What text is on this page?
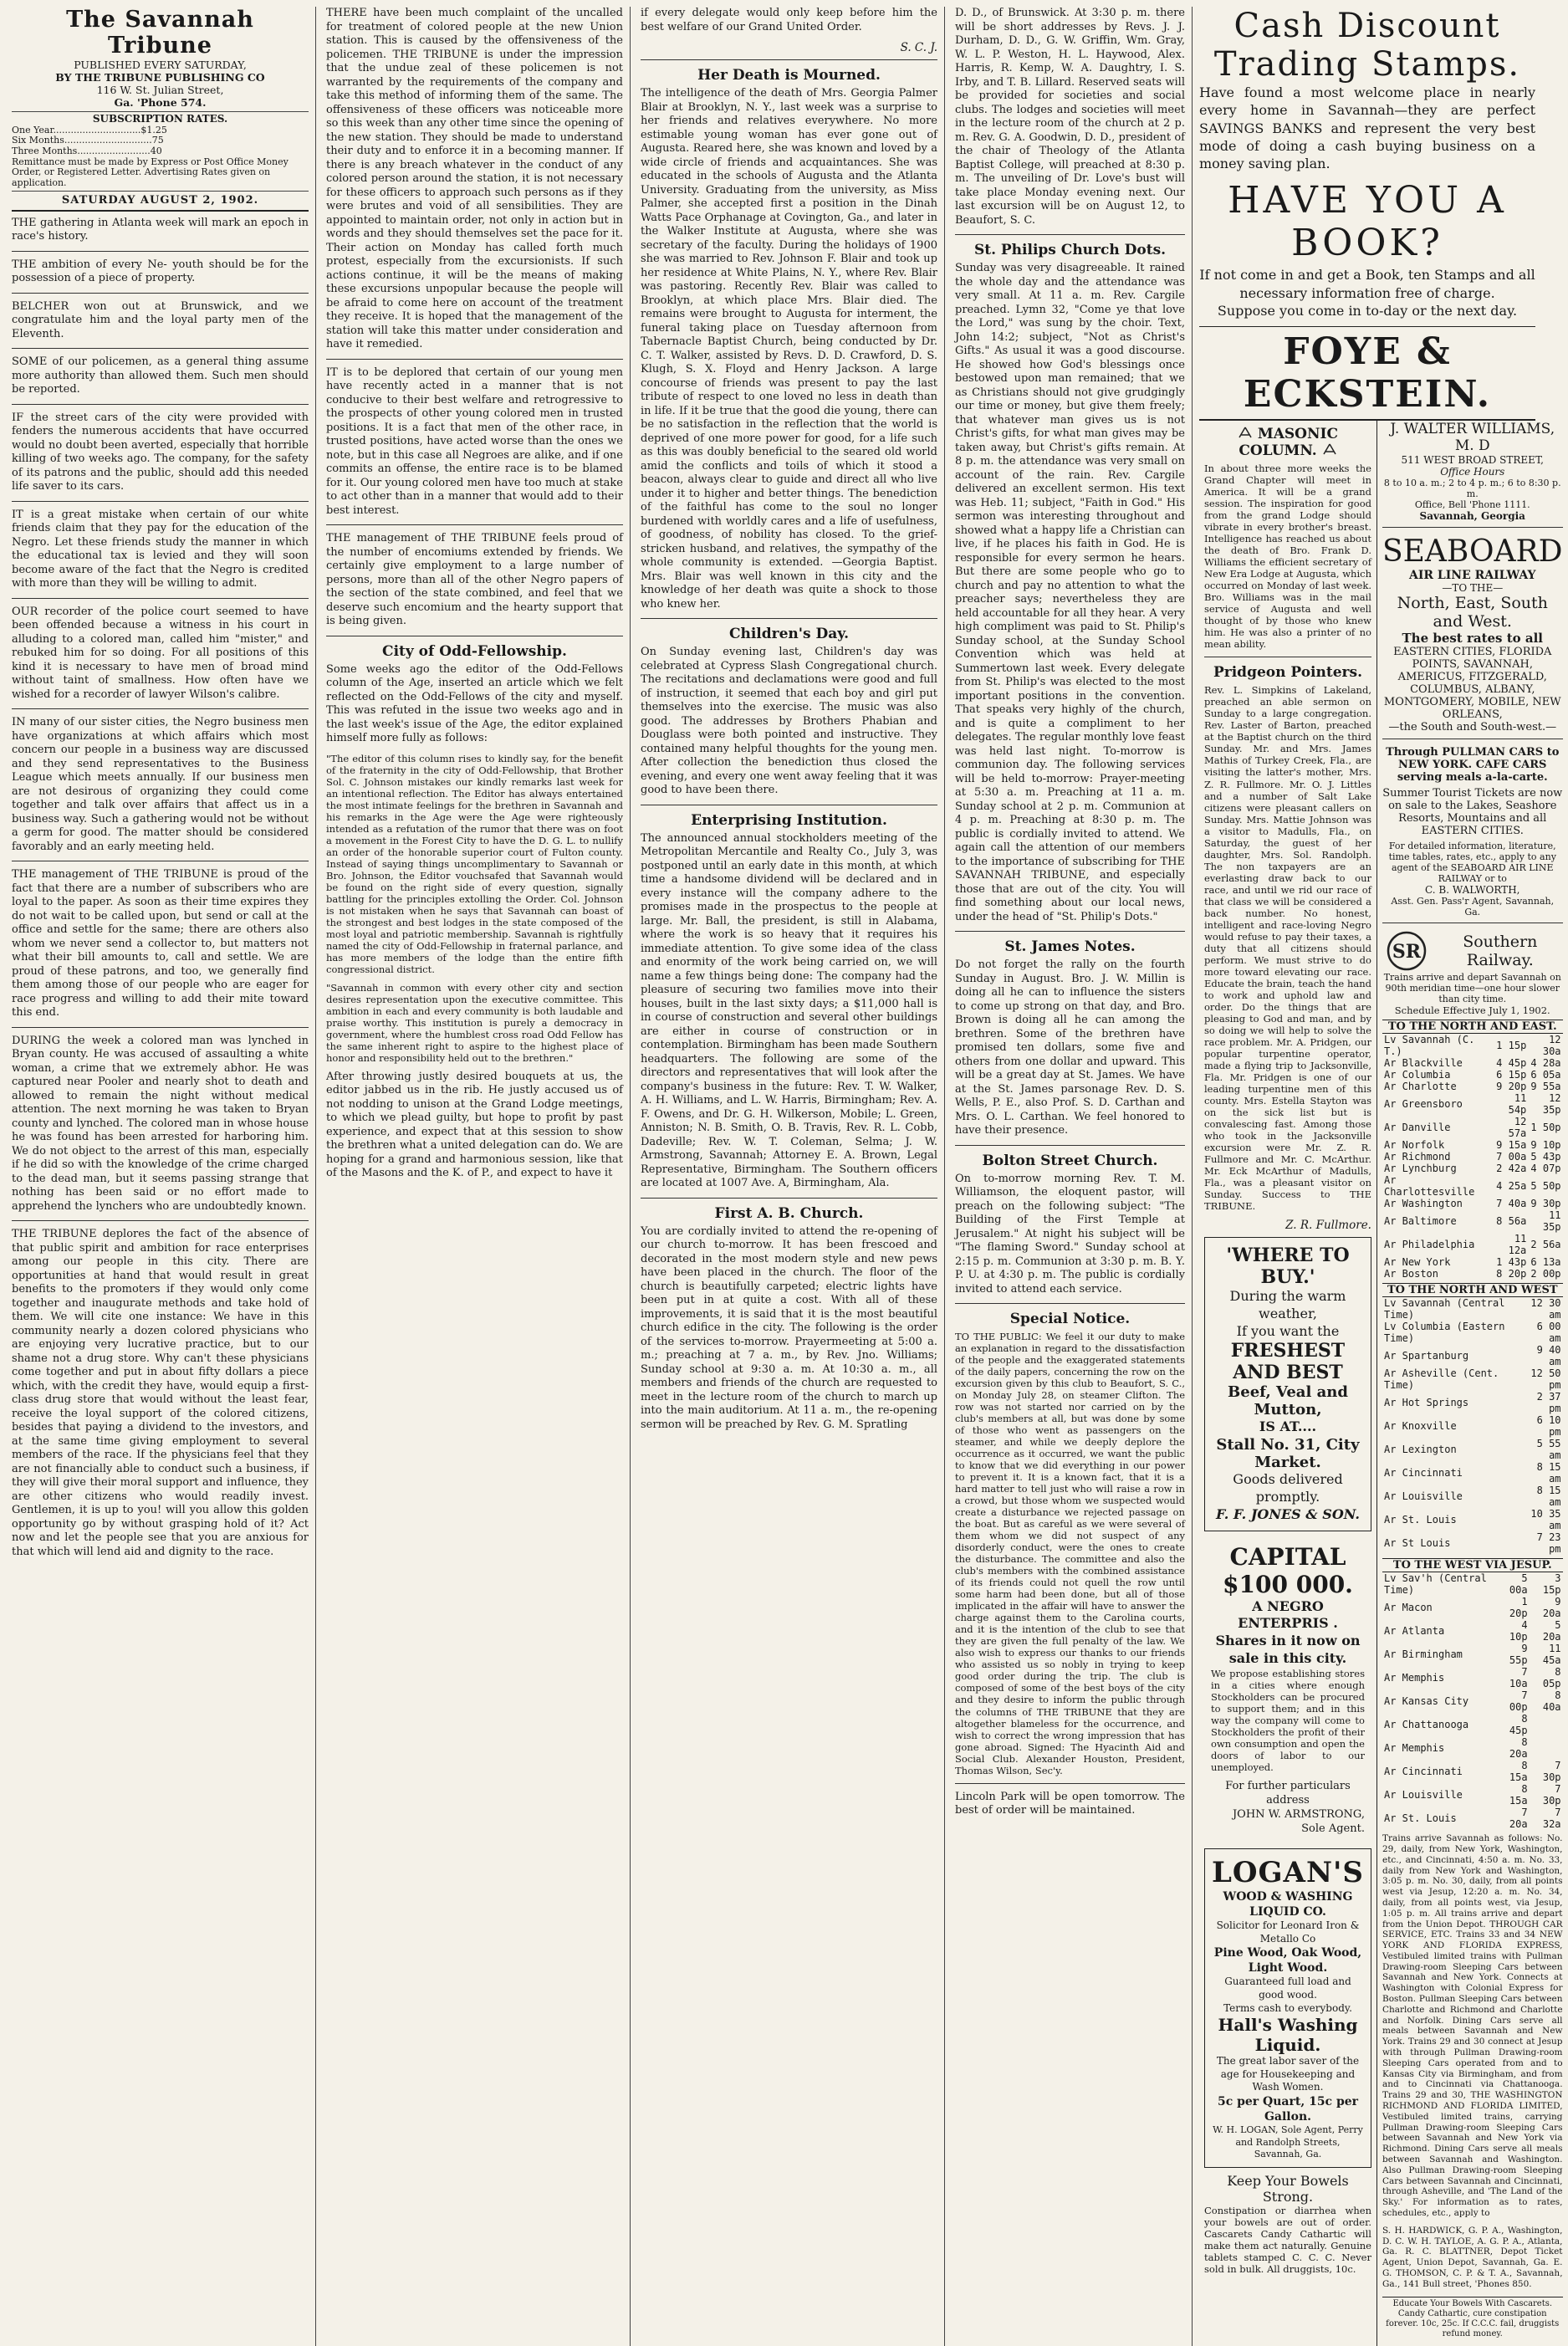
The Savannah Tribune
PUBLISHED EVERY SATURDAY,
BY THE TRIBUNE PUBLISHING CO
116 W. St. Julian Street,
Ga. 'Phone 574.
SUBSCRIPTION RATES.
One Year..............................$1.25
Six Months..............................75
Three Months.........................40
Remittance must be made by Express or Post Office Money Order, or Registered Letter. Advertising Rates given on application.
SATURDAY AUGUST 2, 1902.

THE gathering in Atlanta week will mark an epoch in race's history.

THE ambition of every Ne- youth should be for the possession of a piece of property.

BELCHER won out at Brunswick, and we congratulate him and the loyal party men of the Eleventh.

SOME of our policemen, as a general thing assume more authority than allowed them. Such men should be reported.

IF the street cars of the city were provided with fenders the numerous accidents that have occurred would no doubt been averted, especially that horrible killing of two weeks ago. The company, for the safety of its patrons and the public, should add this needed life saver to its cars.

IT is a great mistake when certain of our white friends claim that they pay for the education of the Negro. Let these friends study the manner in which the educational tax is levied and they will soon become aware of the fact that the Negro is credited with more than they will be willing to admit.

OUR recorder of the police court seemed to have been offended because a witness in his court in alluding to a colored man, called him "mister," and rebuked him for so doing. For all positions of this kind it is necessary to have men of broad mind without taint of smallness. How often have we wished for a recorder of lawyer Wilson's calibre.

IN many of our sister cities, the Negro business men have organizations at which affairs which most concern our people in a business way are discussed and they send representatives to the Business League which meets annually. If our business men are not desirous of organizing they could come together and talk over affairs that affect us in a business way. Such a gathering would not be without a germ for good. The matter should be considered favorably and an early meeting held.

THE management of THE TRIBUNE is proud of the fact that there are a number of subscribers who are loyal to the paper. As soon as their time expires they do not wait to be called upon, but send or call at the office and settle for the same; there are others also whom we never send a collector to, but matters not what their bill amounts to, call and settle. We are proud of these patrons, and too, we generally find them among those of our people who are eager for race progress and willing to add their mite toward this end.

DURING the week a colored man was lynched in Bryan county. He was accused of assaulting a white woman, a crime that we extremely abhor. He was captured near Pooler and nearly shot to death and allowed to remain the night without medical attention. The next morning he was taken to Bryan county and lynched. The colored man in whose house he was found has been arrested for harboring him. We do not object to the arrest of this man, especially if he did so with the knowledge of the crime charged to the dead man, but it seems passing strange that nothing has been said or no effort made to apprehend the lynchers who are undoubtedly known.

THE TRIBUNE deplores the fact of the absence of that public spirit and ambition for race enterprises among our people in this city. There are opportunities at hand that would result in great benefits to the promoters if they would only come together and inaugurate methods and take hold of them. We will cite one instance: We have in this community nearly a dozen colored physicians who are enjoying very lucrative practice, but to our shame not a drug store. Why can't these physicians come together and put in about fifty dollars a piece which, with the credit they have, would equip a first-class drug store that would without the least fear, receive the loyal support of the colored citizens, besides that paying a dividend to the investors, and at the same time giving employment to several members of the race. If the physicians feel that they are not financially able to conduct such a business, if they will give their moral support and influence, they are other citizens who would readily invest. Gentlemen, it is up to you! will you allow this golden opportunity go by without grasping hold of it? Act now and let the people see that you are anxious for that which will lend aid and dignity to the race.

THERE have been much complaint of the uncalled for treatment of colored people at the new Union station. This is caused by the offensiveness of the policemen. THE TRIBUNE is under the impression that the undue zeal of these policemen is not warranted by the requirements of the company and take this method of informing them of the same. The offensiveness of these officers was noticeable more so this week than any other time since the opening of the new station. They should be made to understand their duty and to enforce it in a becoming manner. If there is any breach whatever in the conduct of any colored person around the station, it is not necessary for these officers to approach such persons as if they were brutes and void of all sensibilities. They are appointed to maintain order, not only in action but in words and they should themselves set the pace for it. Their action on Monday has called forth much protest, especially from the excursionists. If such actions continue, it will be the means of making these excursions unpopular because the people will be afraid to come here on account of the treatment they receive. It is hoped that the management of the station will take this matter under consideration and have it remedied.

IT is to be deplored that certain of our young men have recently acted in a manner that is not conducive to their best welfare and retrogressive to the prospects of other young colored men in trusted positions. It is a fact that men of the other race, in trusted positions, have acted worse than the ones we note, but in this case all Negroes are alike, and if one commits an offense, the entire race is to be blamed for it. Our young colored men have too much at stake to act other than in a manner that would add to their best interest.

THE management of THE TRIBUNE feels proud of the number of encomiums extended by friends. We certainly give employment to a large number of persons, more than all of the other Negro papers of the section of the state combined, and feel that we deserve such encomium and the hearty support that is being given.

City of Odd-Fellowship.

Some weeks ago the editor of the Odd-Fellows column of the Age, inserted an article which we felt reflected on the Odd-Fellows of the city and myself. This was refuted in the issue two weeks ago and in the last week's issue of the Age, the editor explained himself more fully as follows:

"The editor of this column rises to kindly say, for the benefit of the fraternity in the city of Odd-Fellowship, that Brother Sol. C. Johnson mistakes our kindly remarks last week for an intentional reflection. The Editor has always entertained the most intimate feelings for the brethren in Savannah and his remarks in the Age were the Age were righteously intended as a refutation of the rumor that there was on foot a movement in the Forest City to have the D. G. L. to nullify an order of the honorable superior court of Fulton county. Instead of saying things uncomplimentary to Savannah or Bro. Johnson, the Editor vouchsafed that Savannah would be found on the right side of every question, signally battling for the principles extolling the Order. Col. Johnson is not mistaken when he says that Savannah can boast of the strongest and best lodges in the state composed of the most loyal and patriotic membership. Savannah is rightfully named the city of Odd-Fellowship in fraternal parlance, and has more members of the lodge than the entire fifth congressional district.

"Savannah in common with every other city and section desires representation upon the executive committee. This ambition in each and every community is both laudable and praise worthy. This institution is purely a democracy in government, where the humblest cross road Odd Fellow has the same inherent right to aspire to the highest place of honor and responsibility held out to the brethren."

After throwing justly desired bouquets at us, the editor jabbed us in the rib. He justly accused us of not nodding to unison at the Grand Lodge meetings, to which we plead guilty, but hope to profit by past experience, and expect that at this session to show the brethren what a united delegation can do. We are hoping for a grand and harmonious session, like that of the Masons and the K. of P., and expect to have it

if every delegate would only keep before him the best welfare of our Grand United Order.

S. C. J.
Her Death is Mourned.

The intelligence of the death of Mrs. Georgia Palmer Blair at Brooklyn, N. Y., last week was a surprise to her friends and relatives everywhere. No more estimable young woman has ever gone out of Augusta. Reared here, she was known and loved by a wide circle of friends and acquaintances. She was educated in the schools of Augusta and the Atlanta University. Graduating from the university, as Miss Palmer, she accepted first a position in the Dinah Watts Pace Orphanage at Covington, Ga., and later in the Walker Institute at Augusta, where she was secretary of the faculty. During the holidays of 1900 she was married to Rev. Johnson F. Blair and took up her residence at White Plains, N. Y., where Rev. Blair was pastoring. Recently Rev. Blair was called to Brooklyn, at which place Mrs. Blair died. The remains were brought to Augusta for interment, the funeral taking place on Tuesday afternoon from Tabernacle Baptist Church, being conducted by Dr. C. T. Walker, assisted by Revs. D. D. Crawford, D. S. Klugh, S. X. Floyd and Henry Jackson. A large concourse of friends was present to pay the last tribute of respect to one loved no less in death than in life. If it be true that the good die young, there can be no satisfaction in the reflection that the world is deprived of one more power for good, for a life such as this was doubly beneficial to the seared old world amid the conflicts and toils of which it stood a beacon, always clear to guide and direct all who live under it to higher and better things. The benediction of the faithful has come to the soul no longer burdened with worldly cares and a life of usefulness, of goodness, of nobility has closed. To the grief-stricken husband, and relatives, the sympathy of the whole community is extended. —Georgia Baptist. Mrs. Blair was well known in this city and the knowledge of her death was quite a shock to those who knew her.

Children's Day.

On Sunday evening last, Children's day was celebrated at Cypress Slash Congregational church. The recitations and declamations were good and full of instruction, it seemed that each boy and girl put themselves into the exercise. The music was also good. The addresses by Brothers Phabian and Douglass were both pointed and instructive. They contained many helpful thoughts for the young men. After collection the benediction thus closed the evening, and every one went away feeling that it was good to have been there.

Enterprising Institution.

The announced annual stockholders meeting of the Metropolitan Mercantile and Realty Co., July 3, was postponed until an early date in this month, at which time a handsome dividend will be declared and in every instance will the company adhere to the promises made in the prospectus to the people at large. Mr. Ball, the president, is still in Alabama, where the work is so heavy that it requires his immediate attention. To give some idea of the class and enormity of the work being carried on, we will name a few things being done: The company had the pleasure of securing two families move into their houses, built in the last sixty days; a $11,000 hall is in course of construction and several other buildings are either in course of construction or in contemplation. Birmingham has been made Southern headquarters. The following are some of the directors and representatives that will look after the company's business in the future: Rev. T. W. Walker, A. H. Williams, and L. W. Harris, Birmingham; Rev. A. F. Owens, and Dr. G. H. Wilkerson, Mobile; L. Green, Anniston; N. B. Smith, O. B. Travis, Rev. R. L. Cobb, Dadeville; Rev. W. T. Coleman, Selma; J. W. Armstrong, Savannah; Attorney E. A. Brown, Legal Representative, Birmingham. The Southern officers are located at 1007 Ave. A, Birmingham, Ala.

First A. B. Church.

You are cordially invited to attend the re-opening of our church to-morrow. It has been frescoed and decorated in the most modern style and new pews have been placed in the church. The floor of the church is beautifully carpeted; electric lights have been put in at quite a cost. With all of these improvements, it is said that it is the most beautiful church edifice in the city. The following is the order of the services to-morrow. Prayermeeting at 5:00 a. m.; preaching at 7 a. m., by Rev. Jno. Williams; Sunday school at 9:30 a. m. At 10:30 a. m., all members and friends of the church are requested to meet in the lecture room of the church to march up into the main auditorium. At 11 a. m., the re-opening sermon will be preached by Rev. G. M. Spratling

D. D., of Brunswick. At 3:30 p. m. there will be short addresses by Revs. J. J. Durham, D. D., G. W. Griffin, Wm. Gray, W. L. P. Weston, H. L. Haywood, Alex. Harris, R. Kemp, W. A. Daughtry, I. S. Irby, and T. B. Lillard. Reserved seats will be provided for societies and social clubs. The lodges and societies will meet in the lecture room of the church at 2 p. m. Rev. G. A. Goodwin, D. D., president of the chair of Theology of the Atlanta Baptist College, will preached at 8:30 p. m. The unveiling of Dr. Love's bust will take place Monday evening next. Our last excursion will be on August 12, to Beaufort, S. C.

St. Philips Church Dots.

Sunday was very disagreeable. It rained the whole day and the attendance was very small. At 11 a. m. Rev. Cargile preached. Lymn 32, "Come ye that love the Lord," was sung by the choir. Text, John 14:2; subject, "Not as Christ's Gifts." As usual it was a good discourse. He showed how God's blessings once bestowed upon man remained; that we as Christians should not give grudgingly our time or money, but give them freely; that whatever man gives us is not Christ's gifts, for what man gives may be taken away, but Christ's gifts remain. At 8 p. m. the attendance was very small on account of the rain. Rev. Cargile delivered an excellent sermon. His text was Heb. 11; subject, "Faith in God." His sermon was interesting throughout and showed what a happy life a Christian can live, if he places his faith in God. He is responsible for every sermon he hears. But there are some people who go to church and pay no attention to what the preacher says; nevertheless they are held accountable for all they hear. A very high compliment was paid to St. Philip's Sunday school, at the Sunday School Convention which was held at Summertown last week. Every delegate from St. Philip's was elected to the most important positions in the convention. That speaks very highly of the church, and is quite a compliment to her delegates. The regular monthly love feast was held last night. To-morrow is communion day. The following services will be held to-morrow: Prayer-meeting at 5:30 a. m. Preaching at 11 a. m. Sunday school at 2 p. m. Communion at 4 p. m. Preaching at 8:30 p. m. The public is cordially invited to attend. We again call the attention of our members to the importance of subscribing for THE SAVANNAH TRIBUNE, and especially those that are out of the city. You will find something about our local news, under the head of "St. Philip's Dots."

St. James Notes.

Do not forget the rally on the fourth Sunday in August. Bro. J. W. Millin is doing all he can to influence the sisters to come up strong on that day, and Bro. Brown is doing all he can among the brethren. Some of the brethren have promised ten dollars, some five and others from one dollar and upward. This will be a great day at St. James. We have at the St. James parsonage Rev. D. S. Wells, P. E., also Prof. S. D. Carthan and Mrs. O. L. Carthan. We feel honored to have their presence.

Bolton Street Church.

On to-morrow morning Rev. T. M. Williamson, the eloquent pastor, will preach on the following subject: "The Building of the First Temple at Jerusalem." At night his subject will be "The flaming Sword." Sunday school at 2:15 p. m. Communion at 3:30 p. m. B. Y. P. U. at 4:30 p. m. The public is cordially invited to attend each service.

Special Notice.

TO THE PUBLIC: We feel it our duty to make an explanation in regard to the dissatisfaction of the people and the exaggerated statements of the daily papers, concerning the row on the excursion given by this club to Beaufort, S. C., on Monday July 28, on steamer Clifton. The row was not started nor carried on by the club's members at all, but was done by some of those who went as passengers on the steamer, and while we deeply deplore the occurrence as it occurred, we want the public to know that we did everything in our power to prevent it. It is a known fact, that it is a hard matter to tell just who will raise a row in a crowd, but those whom we suspected would create a disturbance we rejected passage on the boat. But as careful as we were several of them whom we did not suspect of any disorderly conduct, were the ones to create the disturbance. The committee and also the club's members with the combined assistance of its friends could not quell the row until some harm had been done, but all of those implicated in the affair will have to answer the charge against them to the Carolina courts, and it is the intention of the club to see that they are given the full penalty of the law. We also wish to express our thanks to our friends who assisted us so nobly in trying to keep good order during the trip. The club is composed of some of the best boys of the city and they desire to inform the public through the columns of THE TRIBUNE that they are altogether blameless for the occurrence, and wish to correct the wrong impression that has gone abroad. Signed: The Hyacinth Aid and Social Club. Alexander Houston, President, Thomas Wilson, Sec'y.

Lincoln Park will be open tomorrow. The best of order will be maintained.

Cash Discount Trading Stamps.

Have found a most welcome place in nearly every home in Savannah—they are perfect SAVINGS BANKS and represent the very best mode of doing a cash buying business on a money saving plan.

HAVE YOU A BOOK?

If not come in and get a Book, ten Stamps and all necessary information free of charge.

Suppose you come in to-day or the next day.

FOYE & ECKSTEIN.
MASONIC COLUMN.

In about three more weeks the Grand Chapter will meet in America. It will be a grand session. The inspiration for good from the grand Lodge should vibrate in every brother's breast. Intelligence has reached us about the death of Bro. Frank D. Williams the efficient secretary of New Era Lodge at Augusta, which occurred on Monday of last week. Bro. Williams was in the mail service of Augusta and well thought of by those who knew him. He was also a printer of no mean ability.

Pridgeon Pointers.

Rev. L. Simpkins of Lakeland, preached an able sermon on Sunday to a large congregation. Rev. Laster of Barton, preached at the Baptist church on the third Sunday. Mr. and Mrs. James Mathis of Turkey Creek, Fla., are visiting the latter's mother, Mrs. Z. R. Fullmore. Mr. O. J. Littles and a number of Salt Lake citizens were pleasant callers on Sunday. Mrs. Mattie Johnson was a visitor to Madulls, Fla., on Saturday, the guest of her daughter, Mrs. Sol. Randolph. The non taxpayers are an everlasting draw back to our race, and until we rid our race of that class we will be considered a back number. No honest, intelligent and race-loving Negro would refuse to pay their taxes, a duty that all citizens should perform. We must strive to do more toward elevating our race. Educate the brain, teach the hand to work and uphold law and order. Do the things that are pleasing to God and man, and by so doing we will help to solve the race problem. Mr. A. Pridgen, our popular turpentine operator, made a flying trip to Jacksonville, Fla. Mr. Pridgen is one of our leading turpentine men of this county. Mrs. Estella Stayton was on the sick list but is convalescing fast. Among those who took in the Jacksonville excursion were Mr. Z. R. Fullmore and Mr. C. McArthur. Mr. Eck McArthur of Madulls, Fla., was a pleasant visitor on Sunday. Success to THE TRIBUNE.

Z. R. Fullmore.
'WHERE TO BUY.'
During the warm weather,
If you want the
FRESHEST AND BEST
Beef, Veal and Mutton,
IS AT....
Stall No. 31, City Market.
Goods delivered promptly.
F. F. JONES & SON.
CAPITAL $100 000.
A NEGRO ENTERPRIS .
Shares in it now on sale in this city.

We propose establishing stores in a cities where enough Stockholders can be procured to support them; and in this way the company will come to Stockholders the profit of their own consumption and open the doors of labor to our unemployed.

For further particulars address
JOHN W. ARMSTRONG, Sole Agent.
LOGAN'S
WOOD & WASHING LIQUID CO.
Solicitor for Leonard Iron & Metallo Co
Pine Wood, Oak Wood, Light Wood.
Guaranteed full load and good wood.
Terms cash to everybody.
Hall's Washing Liquid.
The great labor saver of the age for Housekeeping and Wash Women.
5c per Quart, 15c per Gallon.
W. H. LOGAN, Sole Agent, Perry and Randolph Streets, Savannah, Ga.
Keep Your Bowels Strong.

Constipation or diarrhea when your bowels are out of order. Cascarets Candy Cathartic will make them act naturally. Genuine tablets stamped C. C. C. Never sold in bulk. All druggists, 10c.

J. WALTER WILLIAMS, M. D
511 WEST BROAD STREET,
Office Hours
8 to 10 a. m.; 2 to 4 p. m.; 6 to 8:30 p. m.
Office, Bell 'Phone 1111.
Savannah, Georgia
SEABOARD
AIR LINE RAILWAY
—TO THE—
North, East, South and West.
The best rates to all
EASTERN CITIES, FLORIDA POINTS, SAVANNAH, AMERICUS, FITZGERALD, COLUMBUS, ALBANY, MONTGOMERY, MOBILE, NEW ORLEANS,
—the South and South-west.—
Through PULLMAN CARS to NEW YORK. CAFE CARS serving meals a-la-carte.
Summer Tourist Tickets are now on sale to the Lakes, Seashore Resorts, Mountains and all EASTERN CITIES.
For detailed information, literature, time tables, rates, etc., apply to any agent of the SEABOARD AIR LINE RAILWAY or to
C. B. WALWORTH,
Asst. Gen. Pass'r Agent, Savannah, Ga.
SR	Southern Railway.
Trains arrive and depart Savannah on 90th meridian time—one hour slower than city time.
Schedule Effective July 1, 1902.
TO THE NORTH AND EAST.
Lv Savannah (C. T.)	1 15p	12 30a
Ar Blackville	4 45p	4 28a
Ar Columbia	6 15p	6 05a
Ar Charlotte	9 20p	9 55a
Ar Greensboro	11 54p	12 35p
Ar Danville	12 57a	1 50p
Ar Norfolk	9 15a	9 10p
Ar Richmond	7 00a	5 43p
Ar Lynchburg	2 42a	4 07p
Ar Charlottesville	4 25a	5 50p
Ar Washington	7 40a	9 30p
Ar Baltimore	8 56a	11 35p
Ar Philadelphia	11 12a	2 56a
Ar New York	1 43p	6 13a
Ar Boston	8 20p	2 00p
TO THE NORTH AND WEST
Lv Savannah (Central Time)	12 30 am
Lv Columbia (Eastern Time)	6 00 am
Ar Spartanburg	9 40 am
Ar Asheville (Cent. Time)	12 50 pm
Ar Hot Springs	2 37 pm
Ar Knoxville	6 10 pm
Ar Lexington	5 55 am
Ar Cincinnati	8 15 am
Ar Louisville	8 15 am
Ar St. Louis	10 35 am
Ar St Louis	7 23 pm
TO THE WEST VIA JESUP.
Lv Sav'h (Central Time)	5 00a	3 15p
Ar Macon	1 20p	9 20a
Ar Atlanta	4 10p	5 20a
Ar Birmingham	9 55p	11 45a
Ar Memphis	7 10a	8 05p
Ar Kansas City	7 00p	8 40a
Ar Chattanooga	8 45p	
Ar Memphis	8 20a	
Ar Cincinnati	8 15a	7 30p
Ar Louisville	8 15a	7 30p
Ar St. Louis	7 20a	7 32a

Trains arrive Savannah as follows: No. 29, daily, from New York, Washington, etc., and Cincinnati, 4:50 a. m. No. 33, daily from New York and Washington, 3:05 p. m. No. 30, daily, from all points west via Jesup, 12:20 a. m. No. 34, daily, from all points west, via Jesup, 1:05 p. m. All trains arrive and depart from the Union Depot. THROUGH CAR SERVICE, ETC. Trains 33 and 34 NEW YORK AND FLORIDA EXPRESS, Vestibuled limited trains with Pullman Drawing-room Sleeping Cars between Savannah and New York. Connects at Washington with Colonial Express for Boston. Pullman Sleeping Cars between Charlotte and Richmond and Charlotte and Norfolk. Dining Cars serve all meals between Savannah and New York. Trains 29 and 30 connect at Jesup with through Pullman Drawing-room Sleeping Cars operated from and to Kansas City via Birmingham, and from and to Cincinnati via Chattanooga. Trains 29 and 30, THE WASHINGTON RICHMOND AND FLORIDA LIMITED, Vestibuled limited trains, carrying Pullman Drawing-room Sleeping Cars between Savannah and New York via Richmond. Dining Cars serve all meals between Savannah and Washington. Also Pullman Drawing-room Sleeping Cars between Savannah and Cincinnati, through Asheville, and 'The Land of the Sky.' For information as to rates, schedules, etc., apply to

S. H. HARDWICK, G. P. A., Washington, D. C. W. H. TAYLOE, A. G. P. A., Atlanta, Ga. R. C. BLATTNER, Depot Ticket Agent, Union Depot, Savannah, Ga. E. G. THOMSON, C. P. & T. A., Savannah, Ga., 141 Bull street, 'Phones 850.

Educate Your Bowels With Cascarets. Candy Cathartic, cure constipation forever. 10c, 25c. If C.C.C. fail, druggists refund money.
